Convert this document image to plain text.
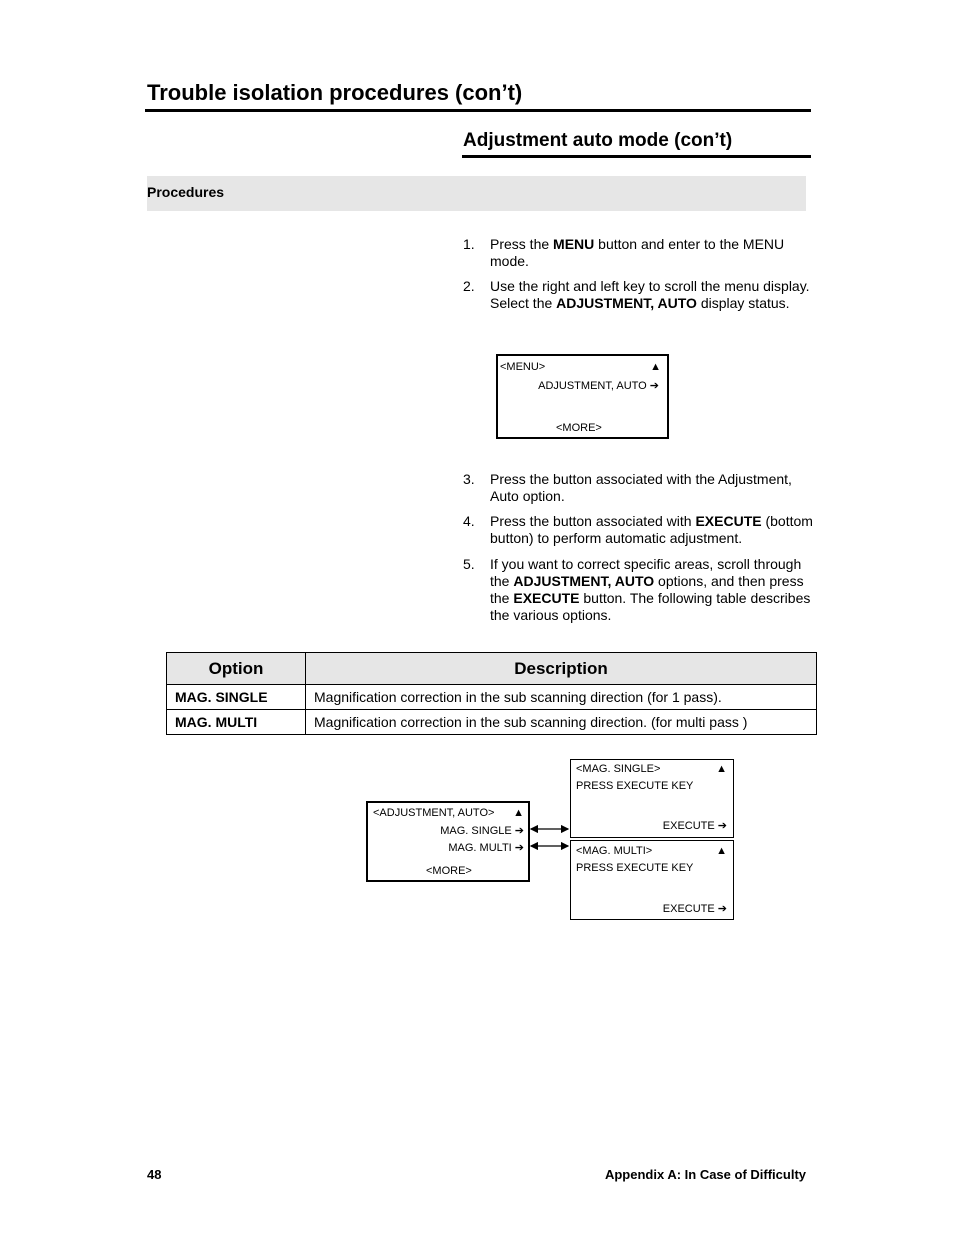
Trouble isolation procedures (con’t)
Adjustment auto mode (con’t)
Procedures
1. Press the MENU button and enter to the MENU mode.
2. Use the right and left key to scroll the menu display. Select the ADJUSTMENT, AUTO display status.
<MENU>	▲
ADJUSTMENT, AUTO ➔
<MORE>
3. Press the button associated with the Adjustment, Auto option.
4. Press the button associated with EXECUTE (bottom button) to perform automatic adjustment.
5. If you want to correct specific areas, scroll through the ADJUSTMENT, AUTO options, and then press the EXECUTE button. The following table describes the various options.
Option	Description
MAG. SINGLE	Magnification correction in the sub scanning direction (for 1 pass).
MAG. MULTI	Magnification correction in the sub scanning direction. (for multi pass )
<ADJUSTMENT, AUTO> ▲
MAG. SINGLE ➔
MAG. MULTI ➔
<MORE>
<MAG. SINGLE>	▲
PRESS EXECUTE KEY
EXECUTE ➔
<MAG. MULTI>	▲
PRESS EXECUTE KEY
EXECUTE ➔
48	Appendix A: In Case of Difficulty
